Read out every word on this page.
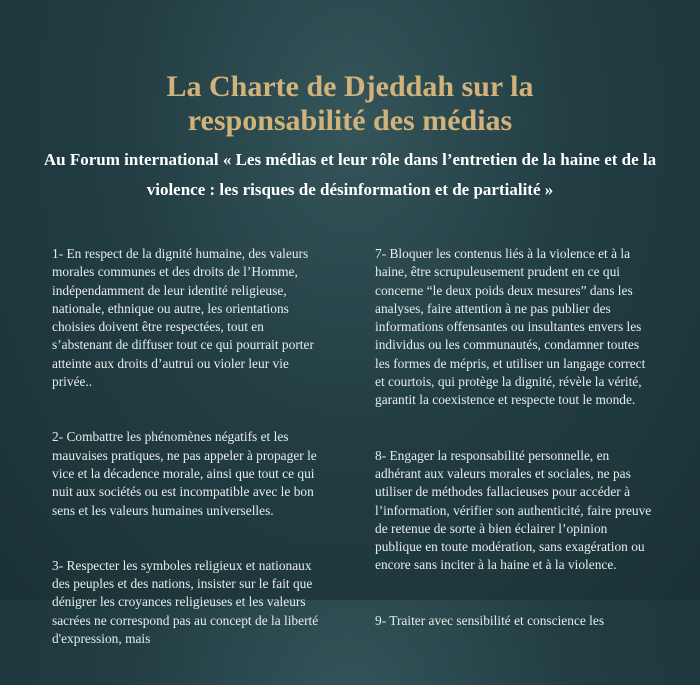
La Charte de Djeddah sur la
responsabilité des médias

Au Forum international « Les médias et leur rôle dans l’entretien de la haine et de la violence : les risques de désinformation et de partialité »

1- En respect de la dignité humaine, des valeurs morales communes et des droits de l’Homme, indépendamment de leur identité religieuse, nationale, ethnique ou autre, les orientations choisies doivent être respectées, tout en s’abstenant de diffuser tout ce qui pourrait porter atteinte aux droits d’autrui ou violer leur vie privée..

2- Combattre les phénomènes négatifs et les mauvaises pratiques, ne pas appeler à propager le vice et la décadence morale, ainsi que tout ce qui nuit aux sociétés ou est incompatible avec le bon sens et les valeurs humaines universelles.

3- Respecter les symboles religieux et nationaux des peuples et des nations, insister sur le fait que dénigrer les croyances religieuses et les valeurs sacrées ne correspond pas au concept de la liberté d'expression, mais

7- Bloquer les contenus liés à la violence et à la haine, être scrupuleusement prudent en ce qui concerne “le deux poids deux mesures” dans les analyses, faire attention à ne pas publier des informations offensantes ou insultantes envers les individus ou les communautés, condamner toutes les formes de mépris, et utiliser un langage correct et courtois, qui protège la dignité, révèle la vérité, garantit la coexistence et respecte tout le monde.

8- Engager la responsabilité personnelle, en adhérant aux valeurs morales et sociales, ne pas utiliser de méthodes fallacieuses pour accéder à l’information, vérifier son authenticité, faire preuve de retenue de sorte à bien éclairer l’opinion publique en toute modération, sans exagération ou encore sans inciter à la haine et à la violence.

9- Traiter avec sensibilité et conscience les
